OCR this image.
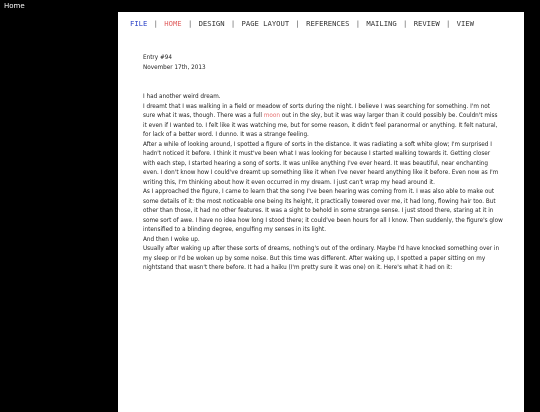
Home
FILE | HOME | DESIGN | PAGE LAYOUT | REFERENCES | MAILING | REVIEW | VIEW

Entry #94

November 17th, 2013

I had another weird dream.

I dreamt that I was walking in a field or meadow of sorts during the night. I believe I was searching for something. I'm not sure what it was, though. There was a full moon out in the sky, but it was way larger than it could possibly be. Couldn't miss it even if I wanted to. I felt like it was watching me, but for some reason, it didn't feel paranormal or anything. It felt natural, for lack of a better word. I dunno. It was a strange feeling.

After a while of looking around, I spotted a figure of sorts in the distance. It was radiating a soft white glow; I'm surprised I hadn't noticed it before. I think it must've been what I was looking for because I started walking towards it. Getting closer with each step, I started hearing a song of sorts. It was unlike anything I've ever heard. It was beautiful, near enchanting even. I don't know how I could've dreamt up something like it when I've never heard anything like it before. Even now as I'm writing this, I'm thinking about how it even occurred in my dream. I just can't wrap my head around it.

As I approached the figure, I came to learn that the song I've been hearing was coming from it. I was also able to make out some details of it: the most noticeable one being its height, it practically towered over me, it had long, flowing hair too. But other than those, it had no other features. It was a sight to behold in some strange sense. I just stood there, staring at it in some sort of awe. I have no idea how long I stood there; it could've been hours for all I know. Then suddenly, the figure's glow intensified to a blinding degree, engulfing my senses in its light.

And then I woke up.

Usually after waking up after these sorts of dreams, nothing's out of the ordinary. Maybe I'd have knocked something over in my sleep or I'd be woken up by some noise. But this time was different. After waking up, I spotted a paper sitting on my nightstand that wasn't there before. It had a haiku (I'm pretty sure it was one) on it. Here's what it had on it:
